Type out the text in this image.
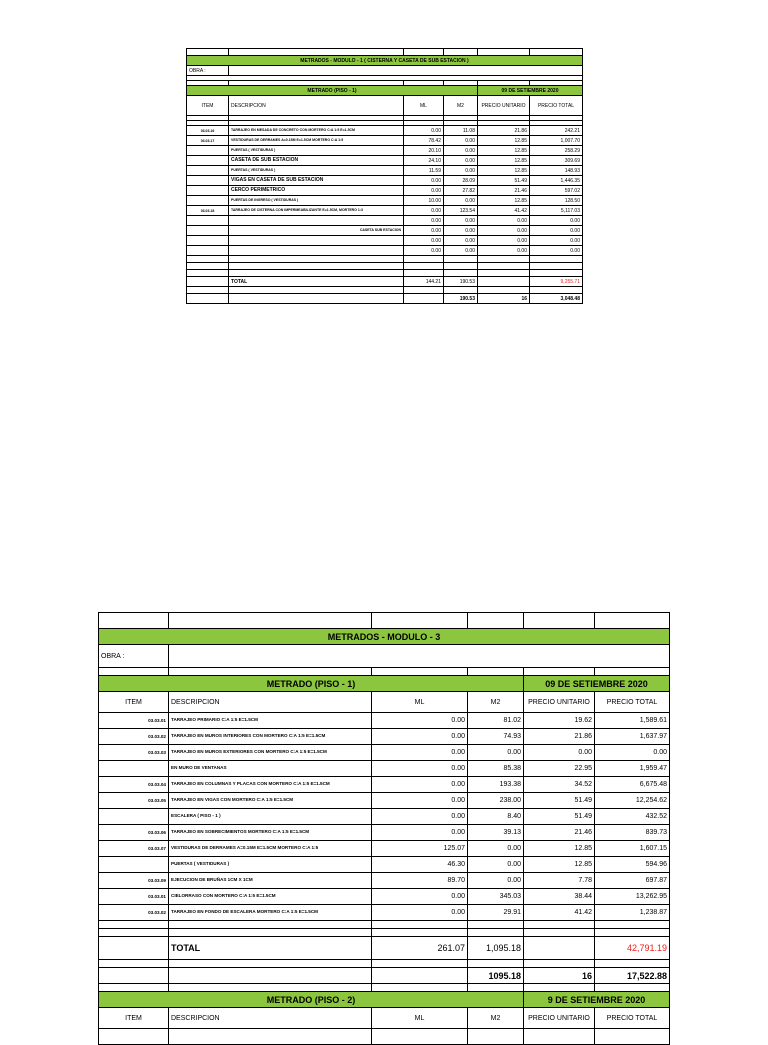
METRADOS - MODULO - 1 ( CISTERNA Y CASETA DE SUB ESTACION )					
OBRA :					

METRADO (PISO - 1)				09 DE SETIEMBRE 2020	
ITEM	DESCRIPCION	ML	M2	PRECIO UNITARIO	PRECIO TOTAL

03.03.16	TARRAJEO EN MESADA DE CONCRETO CON MORTERO C:A 1:5 E=1.5CM	0.00	11.08	21.86	242.21
03.03.17	VESTIDURAS DE DERRAMES A=0.15M E=1.5CM MORTERO C:A 1:5	78.42	0.00	12.85	1,007.70
	PUERTAS ( VESTIDURAS )	20.10	0.00	12.85	258.29
	CASETA DE SUB ESTACION	24.10	0.00	12.85	309.69
	PUERTAS ( VESTIDURAS )	11.59	0.00	12.85	148.93
	VIGAS EN CASETA DE SUB ESTACION	0.00	28.09	51.49	1,446.35
	CERCO PERIMETRICO	0.00	27.82	21.46	597.02
	PUERTAS DE INGRESO ( VESTIDURAS )	10.00	0.00	12.85	128.50
03.03.18	TARRAJEO DE CISTERNA CON IMPERMEABILIZANTE E=1.5CM, MORTERO 1:3	0.00	123.54	41.42	5,117.03
		0.00	0.00	0.00	0.00
	CASETA SUB ESTACION	0.00	0.00	0.00	0.00
		0.00	0.00	0.00	0.00
		0.00	0.00	0.00	0.00

	TOTAL	144.21	190.53		9,255.71

			190.53	16	3,048.48

METRADOS - MODULO - 3					
OBRA :					

METRADO (PISO - 1)				09 DE SETIEMBRE 2020	
ITEM	DESCRIPCION	ML	M2	PRECIO UNITARIO	PRECIO TOTAL
03.03.01	TARRAJEO PRIMARIO C:A 1:5 E=1.5CM	0.00	81.02	19.62	1,589.61
03.03.02	TARRAJEO EN MUROS INTERIORES CON MORTERO C:A 1:5 E=1.5CM	0.00	74.93	21.86	1,637.97
03.03.03	TARRAJEO EN MUROS EXTERIORES CON MORTERO C:A 1:5 E=1.5CM	0.00	0.00	0.00	0.00
	EN MURO DE VENTANAS	0.00	85.38	22.95	1,959.47
03.03.04	TARRAJEO EN COLUMNAS Y PLACAS CON MORTERO C:A 1:5 E=1.5CM	0.00	193.38	34.52	6,675.48
03.03.05	TARRAJEO EN VIGAS CON MORTERO C:A 1:5 E=1.5CM	0.00	238.00	51.49	12,254.62
	ESCALERA ( PISO - 1 )	0.00	8.40	51.49	432.52
03.03.06	TARRAJEO EN SOBRECIMIENTOS MORTERO C:A 1:5 E=1.5CM	0.00	39.13	21.46	839.73
03.03.07	VESTIDURAS DE DERRAMES A=0.15M E=1.5CM MORTERO C:A 1:5	125.07	0.00	12.85	1,607.15
	PUERTAS ( VESTIDURAS )	46.30	0.00	12.85	594.96
03.03.09	EJECUCION DE BRUÑAS 1CM X 1CM	89.70	0.00	7.78	697.87
03.03.01	CIELORRASO CON MORTERO C:A 1:5 E=1.5CM	0.00	345.03	38.44	13,262.95
03.03.02	TARRAJEO EN FONDO DE ESCALERA MORTERO C:A 1:5 E=1.5CM	0.00	29.91	41.42	1,238.87

	TOTAL	261.07	1,095.18		42,791.19

			1095.18	16	17,522.88

METRADO (PISO - 2)				9 DE SETIEMBRE 2020	
ITEM	DESCRIPCION	ML	M2	PRECIO UNITARIO	PRECIO TOTAL
